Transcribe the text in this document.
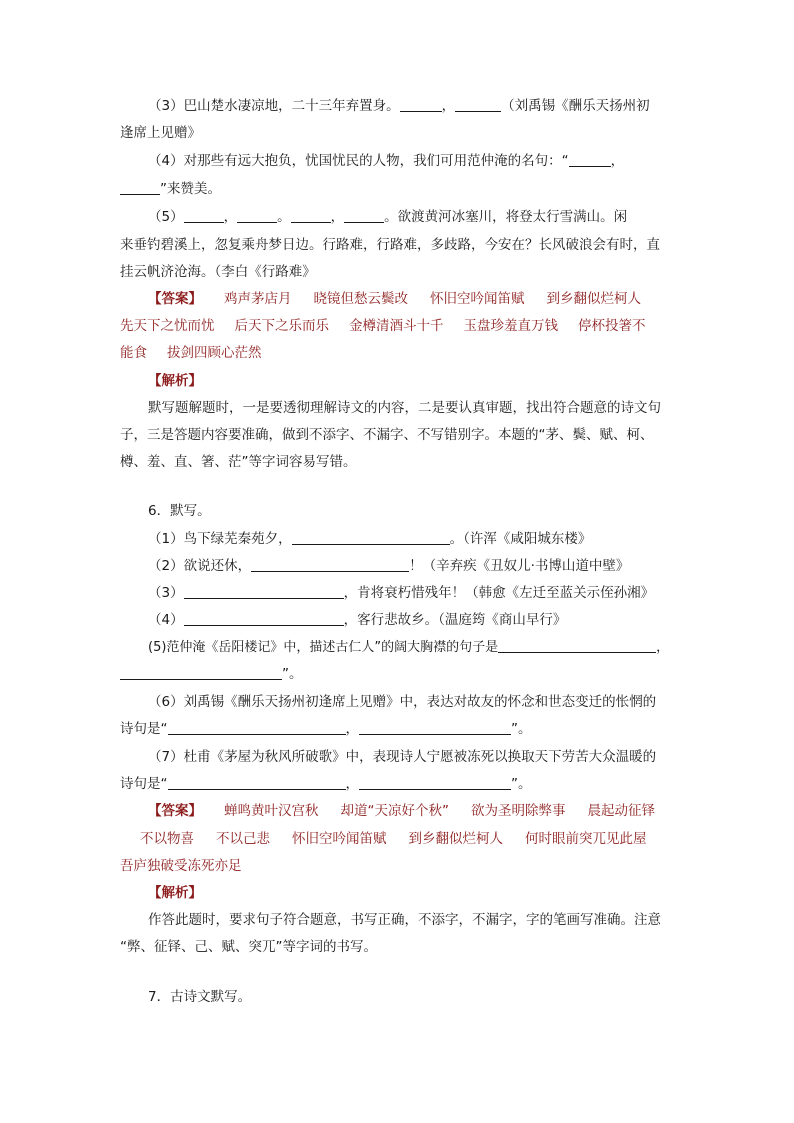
（3）巴山楚水凄凉地，二十三年弃置身。	，	（刘禹锡《酬乐天扬州初
逢席上见赠》
（4）对那些有远大抱负，忧国忧民的人物，我们可用范仲淹的名句：“	，
”来赞美。
（5）	，	。	，	。欲渡黄河冰塞川，将登太行雪满山。闲
来垂钓碧溪上，忽复乘舟梦日边。行路难，行路难，多歧路，今安在？长风破浪会有时，直
挂云帆济沧海。（李白《行路难》
【答案】 鸡声茅店月 晓镜但愁云鬓改 怀旧空吟闻笛赋 到乡翻似烂柯人
先天下之忧而忧 后天下之乐而乐 金樽清酒斗十千 玉盘珍羞直万钱 停杯投箸不
能食 拔剑四顾心茫然
【解析】
默写题解题时，一是要透彻理解诗文的内容，二是要认真审题，找出符合题意的诗文句
子，三是答题内容要准确，做到不添字、不漏字、不写错别字。本题的“茅、鬓、赋、柯、
樽、羞、直、箸、茫”等字词容易写错。
6．默写。
（1）鸟下绿芜秦苑夕，	。（许浑《咸阳城东楼》
（2）欲说还休，	！（辛弃疾《丑奴儿·书博山道中壁》
（3）	，肯将衰朽惜残年！（韩愈《左迁至蓝关示侄孙湘》
（4）	，客行悲故乡。（温庭筠《商山早行》
(5)范仲淹《岳阳楼记》中，描述古仁人”的阔大胸襟的句子是	，
”。
（6）刘禹锡《酬乐天扬州初逢席上见赠》中，表达对故友的怀念和世态变迁的怅惘的
诗句是“	，	”。
（7）杜甫《茅屋为秋风所破歌》中，表现诗人宁愿被冻死以换取天下劳苦大众温暖的
诗句是“	，	”。
【答案】 蝉鸣黄叶汉宫秋 却道“天凉好个秋” 欲为圣明除弊事 晨起动征铎
不以物喜 不以己悲 怀旧空吟闻笛赋 到乡翻似烂柯人 何时眼前突兀见此屋
吾庐独破受冻死亦足
【解析】
作答此题时，要求句子符合题意，书写正确，不添字，不漏字，字的笔画写准确。注意
“弊、征铎、己、赋、突兀”等字词的书写。
7．古诗文默写。
